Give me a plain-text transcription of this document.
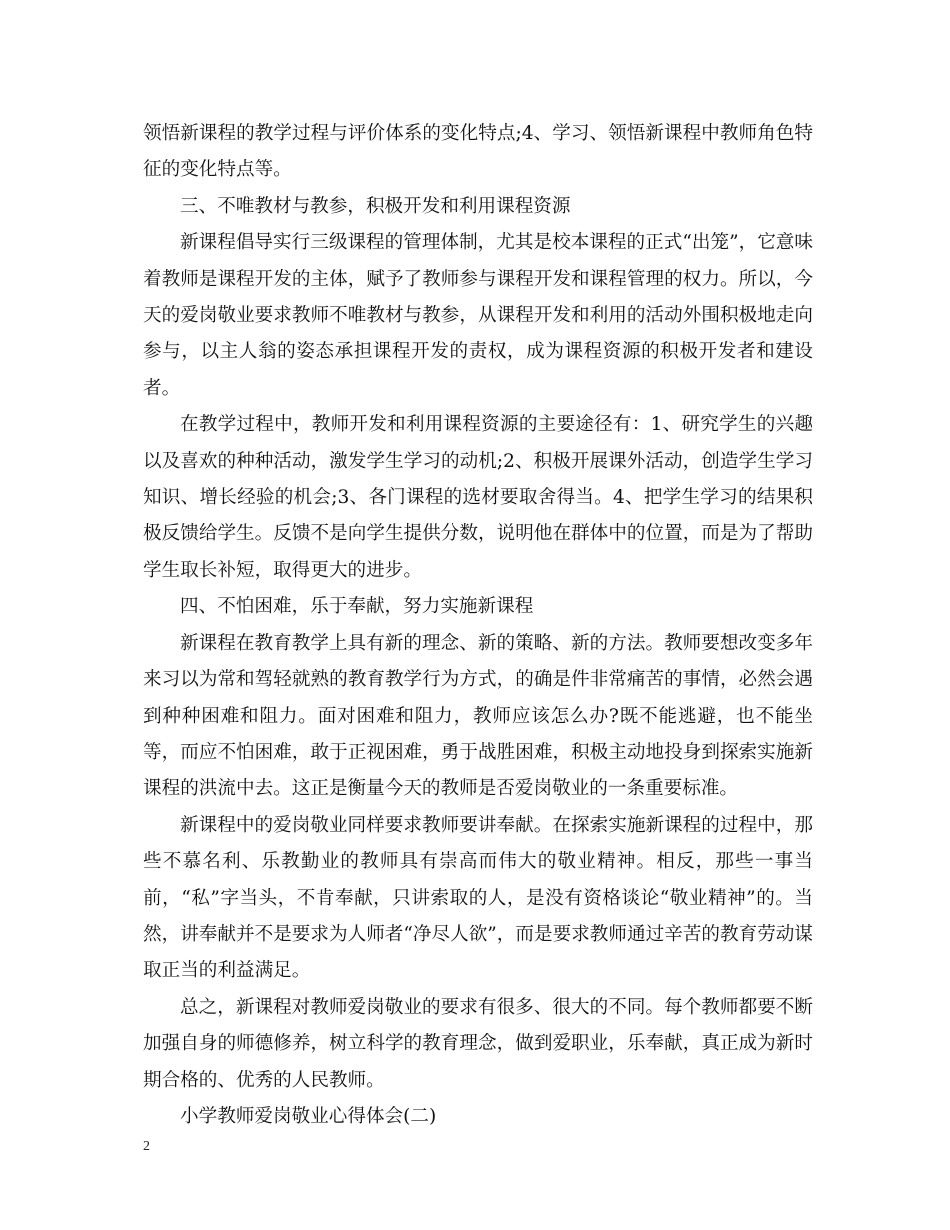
领悟新课程的教学过程与评价体系的变化特点;4、学习、领悟新课程中教师角色特征的变化特点等。

三、不唯教材与教参，积极开发和利用课程资源

新课程倡导实行三级课程的管理体制，尤其是校本课程的正式“出笼”，它意味着教师是课程开发的主体，赋予了教师参与课程开发和课程管理的权力。所以，今天的爱岗敬业要求教师不唯教材与教参，从课程开发和利用的活动外围积极地走向参与，以主人翁的姿态承担课程开发的责权，成为课程资源的积极开发者和建设者。

在教学过程中，教师开发和利用课程资源的主要途径有：1、研究学生的兴趣以及喜欢的种种活动，激发学生学习的动机;2、积极开展课外活动，创造学生学习知识、增长经验的机会;3、各门课程的选材要取舍得当。4、把学生学习的结果积极反馈给学生。反馈不是向学生提供分数，说明他在群体中的位置，而是为了帮助学生取长补短，取得更大的进步。

四、不怕困难，乐于奉献，努力实施新课程

新课程在教育教学上具有新的理念、新的策略、新的方法。教师要想改变多年来习以为常和驾轻就熟的教育教学行为方式，的确是件非常痛苦的事情，必然会遇到种种困难和阻力。面对困难和阻力，教师应该怎么办?既不能逃避，也不能坐等，而应不怕困难，敢于正视困难，勇于战胜困难，积极主动地投身到探索实施新课程的洪流中去。这正是衡量今天的教师是否爱岗敬业的一条重要标准。

新课程中的爱岗敬业同样要求教师要讲奉献。在探索实施新课程的过程中，那些不慕名利、乐教勤业的教师具有崇高而伟大的敬业精神。相反，那些一事当前，“私”字当头，不肯奉献，只讲索取的人，是没有资格谈论“敬业精神”的。当然，讲奉献并不是要求为人师者“净尽人欲”，而是要求教师通过辛苦的教育劳动谋取正当的利益满足。

总之，新课程对教师爱岗敬业的要求有很多、很大的不同。每个教师都要不断加强自身的师德修养，树立科学的教育理念，做到爱职业，乐奉献，真正成为新时期合格的、优秀的人民教师。

小学教师爱岗敬业心得体会(二)

2
